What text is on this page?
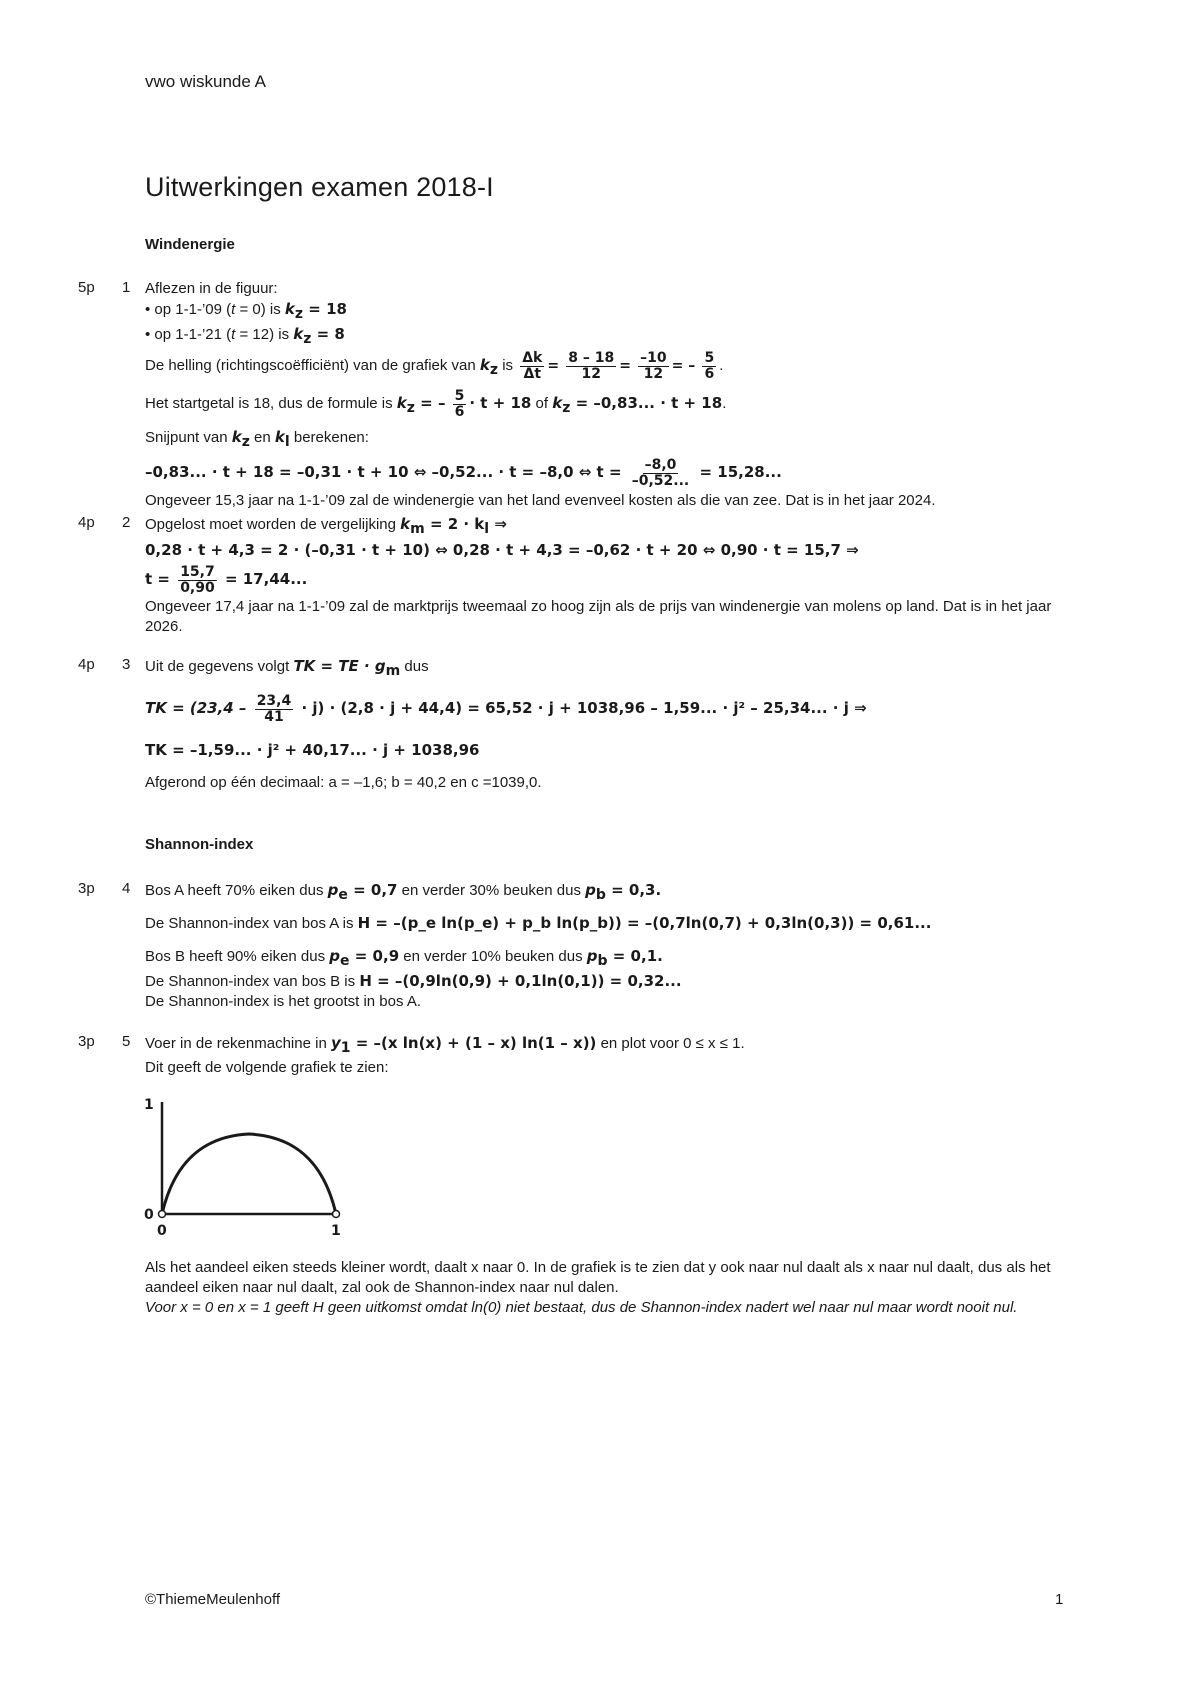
vwo wiskunde A
Uitwerkingen examen 2018-I
Windenergie
5p 1 Aflezen in de figuur:
• op 1-1-’09 (t = 0) is $k_z = 18$
• op 1-1-’21 (t = 12) is $k_z = 8$
De helling (richtingscoëfficiënt) van de grafiek van $k_z$ is $\frac{\Delta k}{\Delta t} = \frac{8 - 18}{12} = \frac{-10}{12}$ = – $\frac{5}{6}$ .
Het startgetal is 18, dus de formule is $k_z$ = – $\frac{5}{6} \cdot t + 18$ of $k_z = -0,83$... · t + 18.
Snijpunt van $k_z$ en $k_l$ berekenen:
–0,83... · t + 18 = –0,31 · t + 10 ⇔ –0,52... · t = –8,0 ⇔ $t = \frac{-8,0}{-0,52...} = 15,28$...
Ongeveer 15,3 jaar na 1-1-’09 zal de windenergie van het land evenveel kosten als die van zee. Dat is in het jaar 2024.
4p 2 Opgelost moet worden de vergelijking $k_m = 2 \cdot k_l$ ⇒
0,28 · t + 4,3 = 2 · (–0,31 · t + 10) ⇔ 0,28 · t + 4,3 = –0,62 · t + 20 ⇔ 0,90 · t = 15,7 ⇒
$t = \frac{15,7}{0,90} = 17,44$...
Ongeveer 17,4 jaar na 1-1-’09 zal de marktprijs tweemaal zo hoog zijn als de prijs van windenergie van molens op land. Dat is in het jaar 2026.
4p 3 Uit de gegevens volgt TK = TE · $g_m$ dus
TK = $(23,4 - \frac{23,4}{41} \cdot j) \cdot (2,8 \cdot j + 44,4) = 65,52 \cdot j + 1038,96 - 1,59$... · j² – 25,34... · j ⇒
TK = –1,59... · j² + 40,17... · j + 1038,96
Afgerond op één decimaal: a = –1,6; b = 40,2 en c =1039,0.
Shannon-index
3p 4 Bos A heeft 70% eiken dus $p_e = 0,7$ en verder 30% beuken dus $p_b = 0,3$.
De Shannon-index van bos A is H = –(p_e ln(p_e) + p_b ln(p_b)) = –(0,7ln(0,7) + 0,3ln(0,3)) = 0,61...
Bos B heeft 90% eiken dus $p_e = 0,9$ en verder 10% beuken dus $p_b = 0,1$.
De Shannon-index van bos B is H = –(0,9ln(0,9) + 0,1ln(0,1)) = 0,32...
De Shannon-index is het grootst in bos A.
3p 5 Voer in de rekenmachine in $y_1 = -(x$ ln(x) + (1 – x) ln(1 – x)) en plot voor 0 ≤ x ≤ 1.
Dit geeft de volgende grafiek te zien:
1
0
0	1
Als het aandeel eiken steeds kleiner wordt, daalt x naar 0. In de grafiek is te zien dat y ook naar nul daalt als x naar nul daalt, dus als het aandeel eiken naar nul daalt, zal ook de Shannon-index naar nul dalen.
Voor x = 0 en x = 1 geeft H geen uitkomst omdat ln(0) niet bestaat, dus de Shannon-index nadert wel naar nul maar wordt nooit nul.
©ThiemeMeulenhoff	1
